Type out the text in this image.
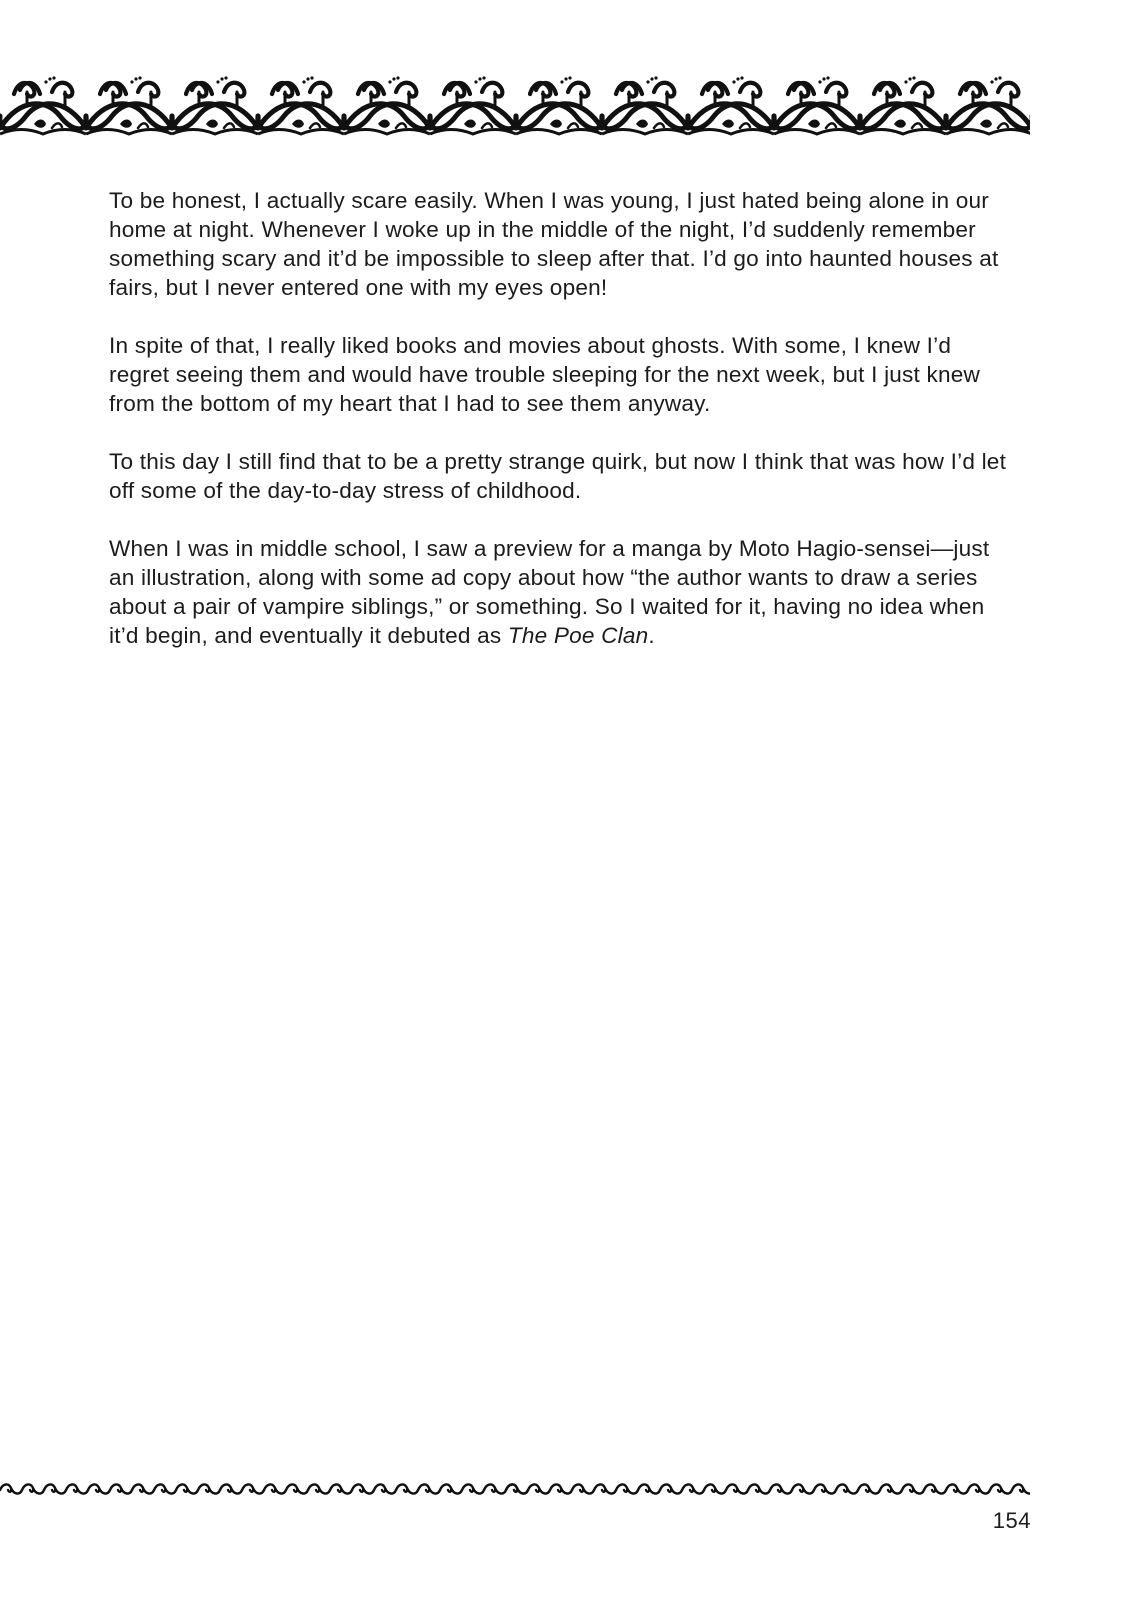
To be honest, I actually scare easily. When I was young, I just hated being alone in our home at night. Whenever I woke up in the middle of the night, I’d suddenly remember something scary and it’d be impossible to sleep after that. I’d go into haunted houses at fairs, but I never entered one with my eyes open!

In spite of that, I really liked books and movies about ghosts. With some, I knew I’d regret seeing them and would have trouble sleeping for the next week, but I just knew from the bottom of my heart that I had to see them anyway.

To this day I still find that to be a pretty strange quirk, but now I think that was how I’d let off some of the day-to-day stress of childhood.

When I was in middle school, I saw a preview for a manga by Moto Hagio-sensei—just an illustration, along with some ad copy about how “the author wants to draw a series about a pair of vampire siblings,” or something. So I waited for it, having no idea when it’d begin, and eventually it debuted as The Poe Clan.

154
